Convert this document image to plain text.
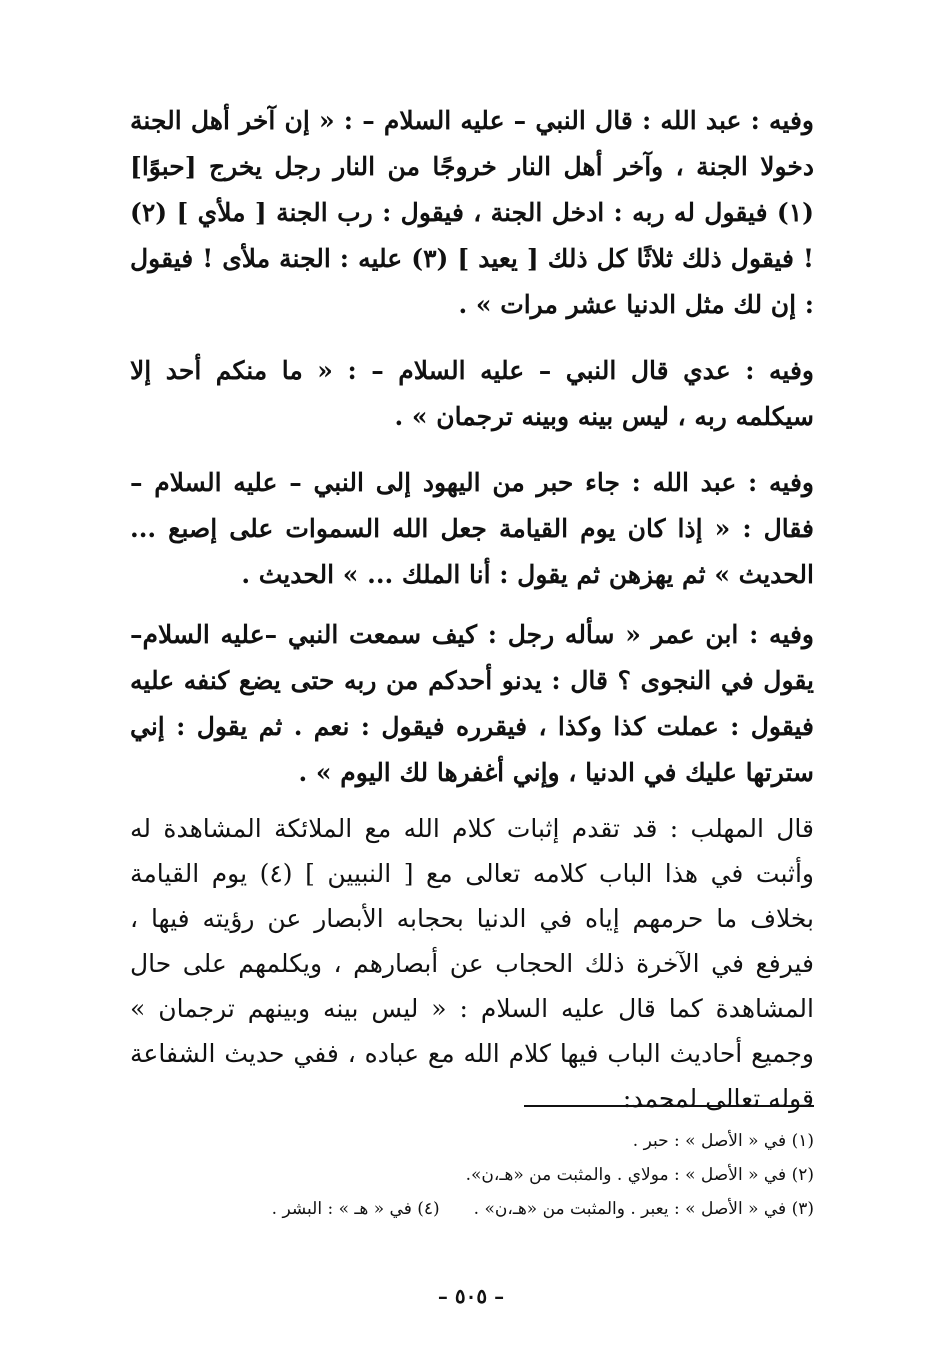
وفيه : عبد الله : قال النبي – عليه السلام – : « إن آخر أهل الجنة دخولا الجنة ، وآخر أهل النار خروجًا من النار رجل يخرج [حبوًا] (١) فيقول له ربه : ادخل الجنة ، فيقول : رب الجنة [ ملأي ] (٢) ! فيقول ذلك ثلاثًا كل ذلك [ يعيد ] (٣) عليه : الجنة ملأى ! فيقول : إن لك مثل الدنيا عشر مرات » .

وفيه : عدي قال النبي – عليه السلام – : « ما منكم أحد إلا سيكلمه ربه ، ليس بينه وبينه ترجمان » .

وفيه : عبد الله : جاء حبر من اليهود إلى النبي – عليه السلام – فقال : « إذا كان يوم القيامة جعل الله السموات على إصبع ... الحديث » ثم يهزهن ثم يقول : أنا الملك ... » الحديث .

وفيه : ابن عمر « سأله رجل : كيف سمعت النبي –عليه السلام– يقول في النجوى ؟ قال : يدنو أحدكم من ربه حتى يضع كنفه عليه فيقول : عملت كذا وكذا ، فيقرره فيقول : نعم . ثم يقول : إني سترتها عليك في الدنيا ، وإني أغفرها لك اليوم » .

قال المهلب : قد تقدم إثبات كلام الله مع الملائكة المشاهدة له وأثبت في هذا الباب كلامه تعالى مع [ النبيين ] (٤) يوم القيامة بخلاف ما حرمهم إياه في الدنيا بحجابه الأبصار عن رؤيته فيها ، فيرفع في الآخرة ذلك الحجاب عن أبصارهم ، ويكلمهم على حال المشاهدة كما قال عليه السلام : « ليس بينه وبينهم ترجمان » وجميع أحاديث الباب فيها كلام الله مع عباده ، ففي حديث الشفاعة قوله تعالى لمحمد:

(١) في « الأصل » : حبر .
(٢) في « الأصل » : مولاي . والمثبت من «هـ،ن».
(٣) في « الأصل » : يعبر . والمثبت من «هـ،ن» .(٤) في « هـ » : البشر .
– ٥٠٥ –
